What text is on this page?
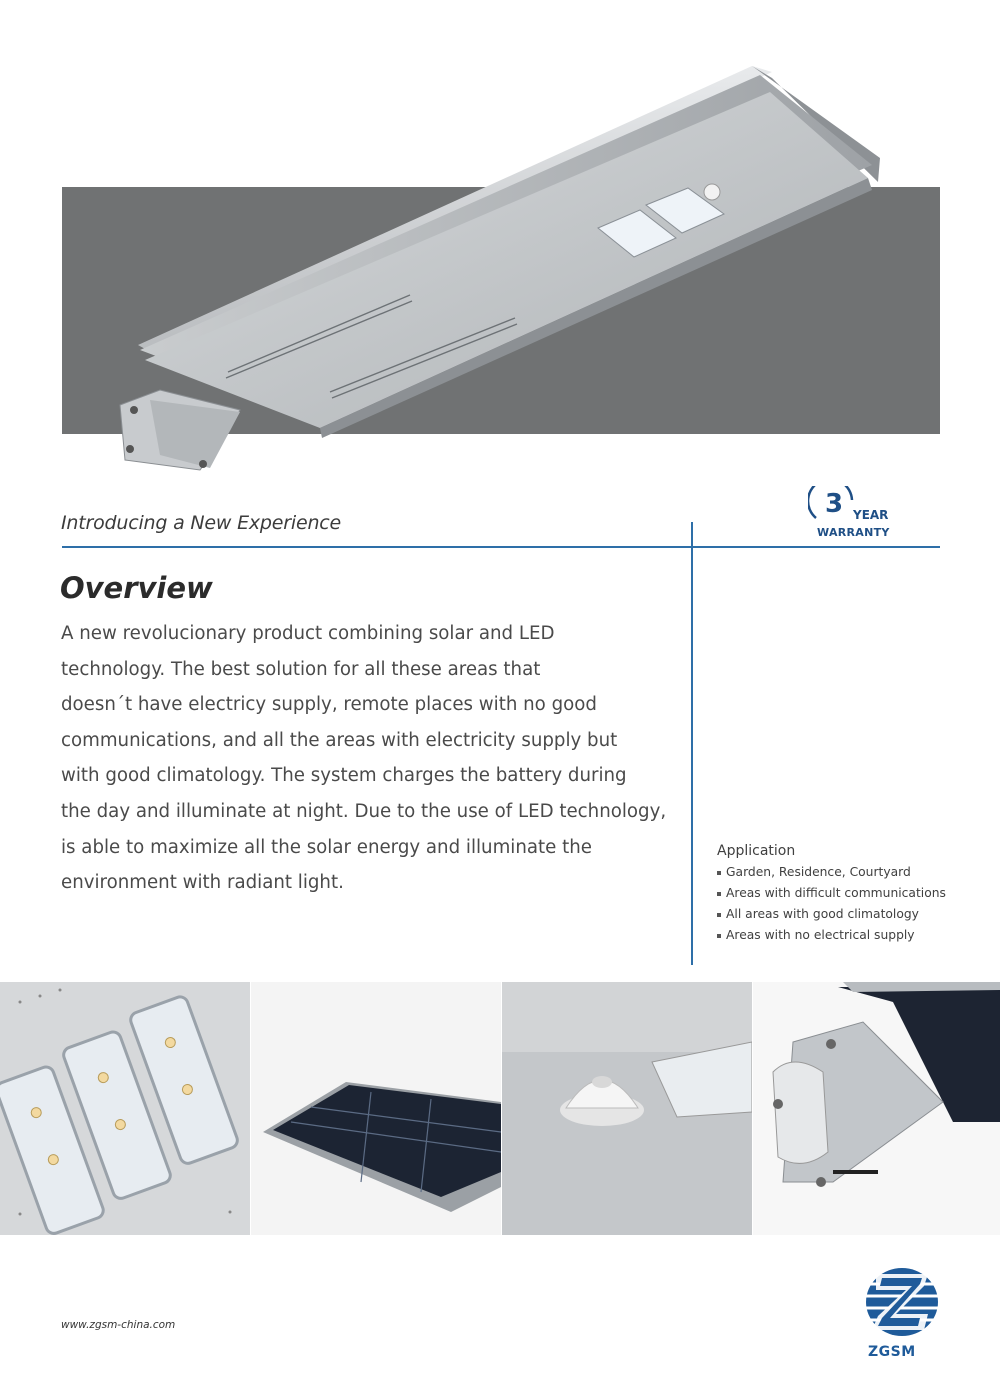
Introducing a New Experience
3 YEAR
WARRANTY
Overview
A new revolucionary product combining solar and LED
technology. The best solution for all these areas that
doesn´t have electricy supply, remote places with no good
communications, and all the areas with electricity supply but
with good climatology. The system charges the battery during
the day and illuminate at night. Due to the use of LED technology,
is able to maximize all the solar energy and illuminate the
environment with radiant light.
Application
Garden, Residence, Courtyard
Areas with difficult communications
All areas with good climatology
Areas with no electrical supply
www.zgsm-china.com
ZGSM
